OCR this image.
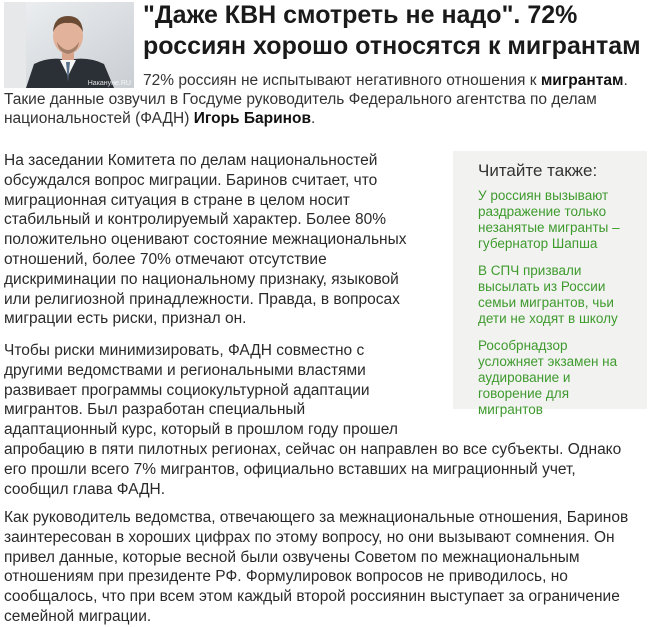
Накануне.RU
"Даже КВН смотреть не надо". 72% россиян хорошо относятся к мигрантам

72% россиян не испытывают негативного отношения к мигрантам. Такие данные озвучил в Госдуме руководитель Федерального агентства по делам национальностей (ФАДН) Игорь Баринов.

На заседании Комитета по делам национальностей обсуждался вопрос миграции. Баринов считает, что миграционная ситуация в стране в целом носит стабильный и контролируемый характер. Более 80% положительно оценивают состояние межнациональных отношений, более 70% отмечают отсутствие дискриминации по национальному признаку, языковой или религиозной принадлежности. Правда, в вопросах миграции есть риски, признал он.

Читайте также:
У россиян вызывают раздражение только незанятые мигранты – губернатор Шапша
В СПЧ призвали высылать из России семьи мигрантов, чьи дети не ходят в школу
Рособрнадзор усложняет экзамен на аудирование и говорение для мигрантов

Чтобы риски минимизировать, ФАДН совместно с
другими ведомствами и региональными властями
развивает программы социокультурной адаптации
мигрантов. Был разработан специальный
адаптационный курс, который в прошлом году прошел
апробацию в пяти пилотных регионах, сейчас он направлен во все субъекты. Однако
его прошли всего 7% мигрантов, официально вставших на миграционный учет,
сообщил глава ФАДН.

Как руководитель ведомства, отвечающего за межнациональные отношения, Баринов заинтересован в хороших цифрах по этому вопросу, но они вызывают сомнения. Он привел данные, которые весной были озвучены Советом по межнациональным отношениям при президенте РФ. Формулировок вопросов не приводилось, но сообщалось, что при всем этом каждый второй россиянин выступает за ограничение семейной миграции.
